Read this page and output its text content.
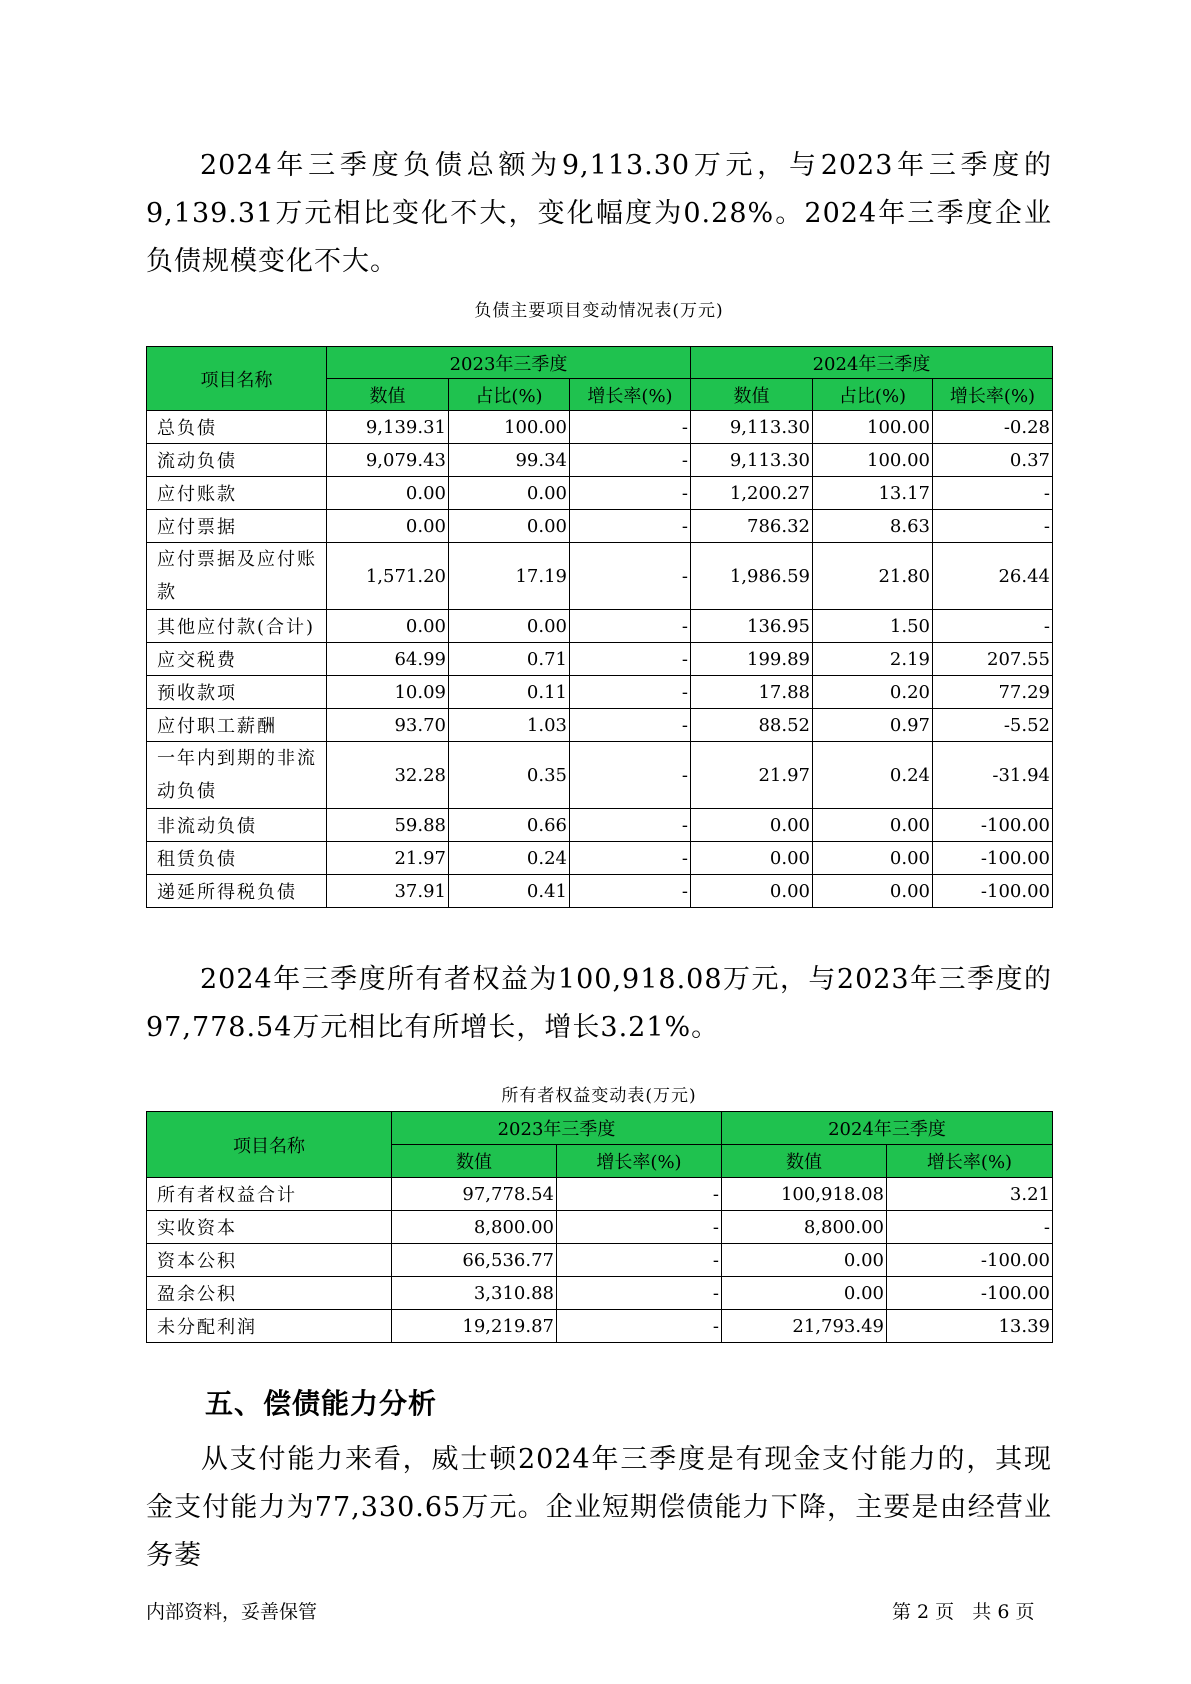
2024年三季度负债总额为9,113.30万元，与2023年三季度的9,139.31万元相比变化不大，变化幅度为0.28%。2024年三季度企业负债规模变化不大。

负债主要项目变动情况表(万元)
项目名称	2023年三季度			2024年三季度		
	数值	占比(%)	增长率(%)	数值	占比(%)	增长率(%)
总负债	9,139.31	100.00	-	9,113.30	100.00	-0.28
流动负债	9,079.43	99.34	-	9,113.30	100.00	0.37
应付账款	0.00	0.00	-	1,200.27	13.17	-
应付票据	0.00	0.00	-	786.32	8.63	-
应付票据及应付账款	1,571.20	17.19	-	1,986.59	21.80	26.44
其他应付款(合计)	0.00	0.00	-	136.95	1.50	-
应交税费	64.99	0.71	-	199.89	2.19	207.55
预收款项	10.09	0.11	-	17.88	0.20	77.29
应付职工薪酬	93.70	1.03	-	88.52	0.97	-5.52
一年内到期的非流动负债	32.28	0.35	-	21.97	0.24	-31.94
非流动负债	59.88	0.66	-	0.00	0.00	-100.00
租赁负债	21.97	0.24	-	0.00	0.00	-100.00
递延所得税负债	37.91	0.41	-	0.00	0.00	-100.00

2024年三季度所有者权益为100,918.08万元，与2023年三季度的97,778.54万元相比有所增长，增长3.21%。

所有者权益变动表(万元)
项目名称	2023年三季度		2024年三季度	
	数值	增长率(%)	数值	增长率(%)
所有者权益合计	97,778.54	-	100,918.08	3.21
实收资本	8,800.00	-	8,800.00	-
资本公积	66,536.77	-	0.00	-100.00
盈余公积	3,310.88	-	0.00	-100.00
未分配利润	19,219.87	-	21,793.49	13.39
五、偿债能力分析

从支付能力来看，威士顿2024年三季度是有现金支付能力的，其现金支付能力为77,330.65万元。企业短期偿债能力下降，主要是由经营业务萎

内部资料，妥善保管	第 2 页   共 6 页
